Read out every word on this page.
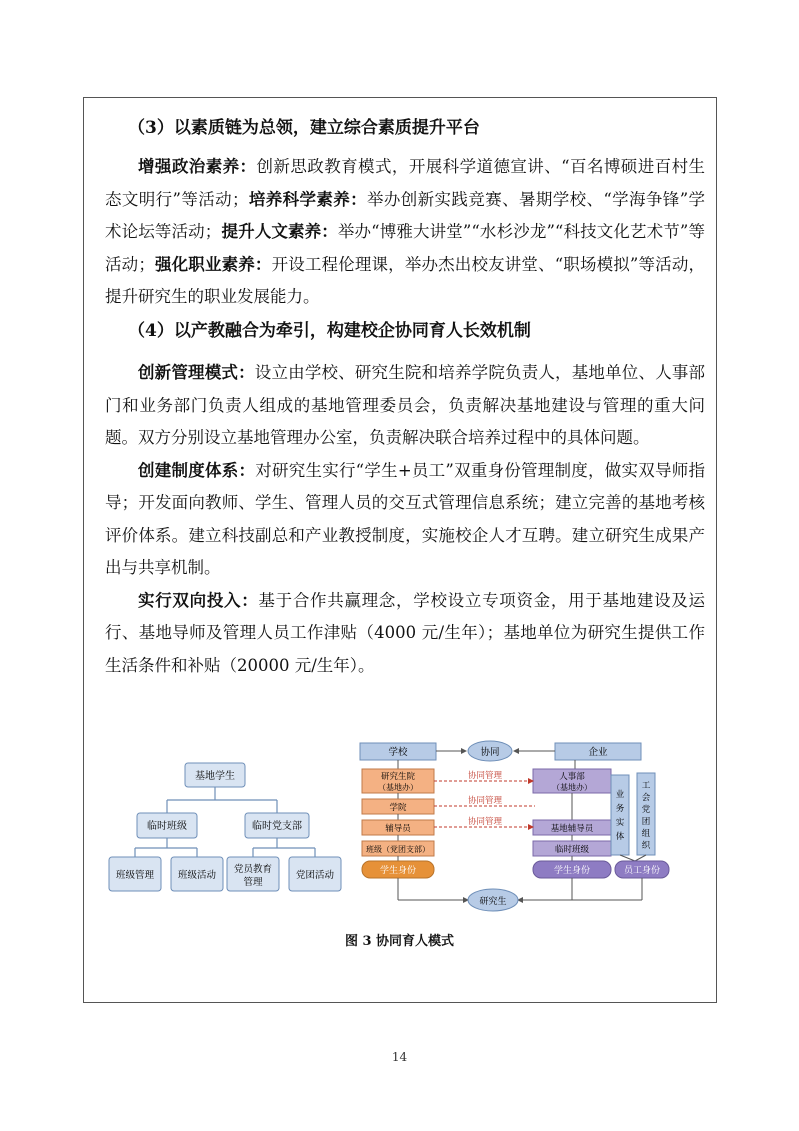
（3）以素质链为总领，建立综合素质提升平台

增强政治素养：创新思政教育模式，开展科学道德宣讲、“百名博硕进百村生态文明行”等活动；培养科学素养：举办创新实践竞赛、暑期学校、“学海争锋”学术论坛等活动；提升人文素养：举办“博雅大讲堂”“水杉沙龙”“科技文化艺术节”等活动；强化职业素养：开设工程伦理课，举办杰出校友讲堂、“职场模拟”等活动，提升研究生的职业发展能力。

（4）以产教融合为牵引，构建校企协同育人长效机制

创新管理模式：设立由学校、研究生院和培养学院负责人，基地单位、人事部门和业务部门负责人组成的基地管理委员会，负责解决基地建设与管理的重大问题。双方分别设立基地管理办公室，负责解决联合培养过程中的具体问题。

创建制度体系：对研究生实行“学生+员工”双重身份管理制度，做实双导师指导；开发面向教师、学生、管理人员的交互式管理信息系统；建立完善的基地考核评价体系。建立科技副总和产业教授制度，实施校企人才互聘。建立研究生成果产出与共享机制。

实行双向投入：基于合作共赢理念，学校设立专项资金，用于基地建设及运行、基地导师及管理人员工作津贴（4000 元/生年）；基地单位为研究生提供工作生活条件和补贴（20000 元/生年）。

基地学生
临时班级	临时党支部
班级管理	班级活动
党员教育
管理
党团活动
学校	协同	企业
研究生院
（基地办）
学院
辅导员
班级（党团支部）
学生身份
人事部
（基地办）
基地辅导员
临时班级
学生身份
业
务
实
体
工
会
党
团
组
织
员工身份
协同管理
协同管理
协同管理
研究生
图 3 协同育人模式
14
